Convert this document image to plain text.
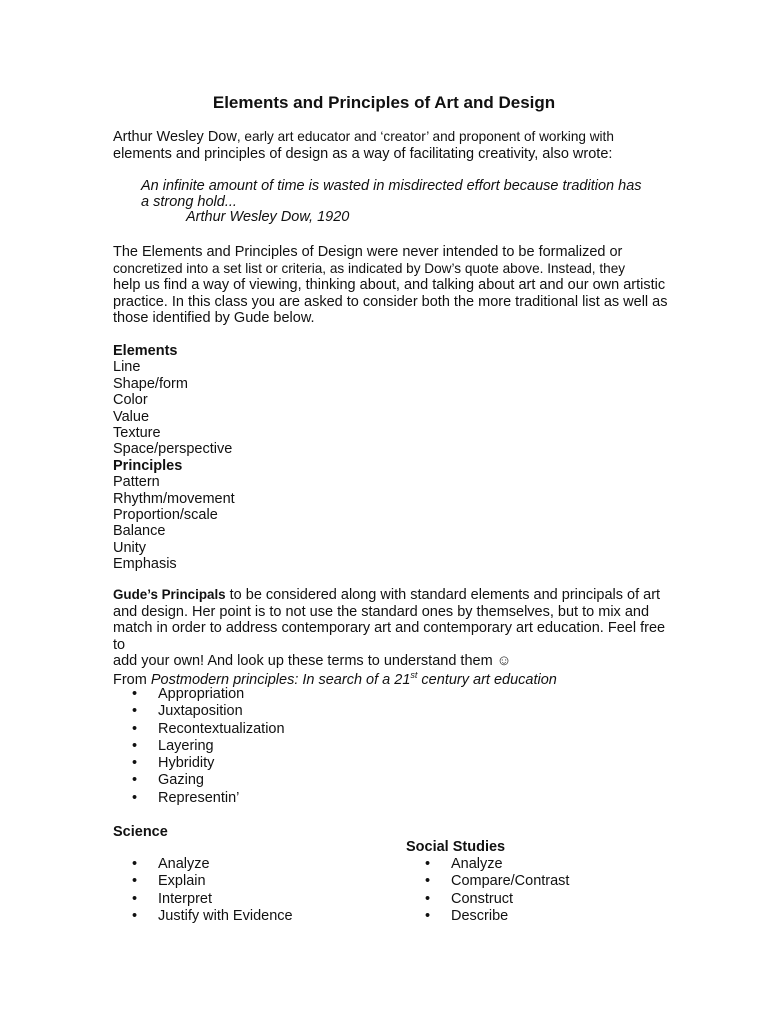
Elements and Principles of Art and Design

Arthur Wesley Dow, early art educator and ‘creator’ and proponent of working with
elements and principles of design as a way of facilitating creativity, also wrote:

An infinite amount of time is wasted in misdirected effort because tradition has
a strong hold...
Arthur Wesley Dow, 1920

The Elements and Principles of Design were never intended to be formalized or
concretized into a set list or criteria, as indicated by Dow’s quote above. Instead, they
help us find a way of viewing, thinking about, and talking about art and our own artistic
practice. In this class you are asked to consider both the more traditional list as well as
those identified by Gude below.

Elements
Line
Shape/form
Color
Value
Texture
Space/perspective
Principles
Pattern
Rhythm/movement
Proportion/scale
Balance
Unity
Emphasis

Gude’s Principals to be considered along with standard elements and principals of art
and design. Her point is to not use the standard ones by themselves, but to mix and
match in order to address contemporary art and contemporary art education. Feel free to
add your own! And look up these terms to understand them ☺

From Postmodern principles: In search of a 21st century art education

• Appropriation
• Juxtaposition
• Recontextualization
• Layering
• Hybridity
• Gazing
• Representin’
Science
• Analyze
• Explain
• Interpret
• Justify with Evidence
Social Studies
• Analyze
• Compare/Contrast
• Construct
• Describe
